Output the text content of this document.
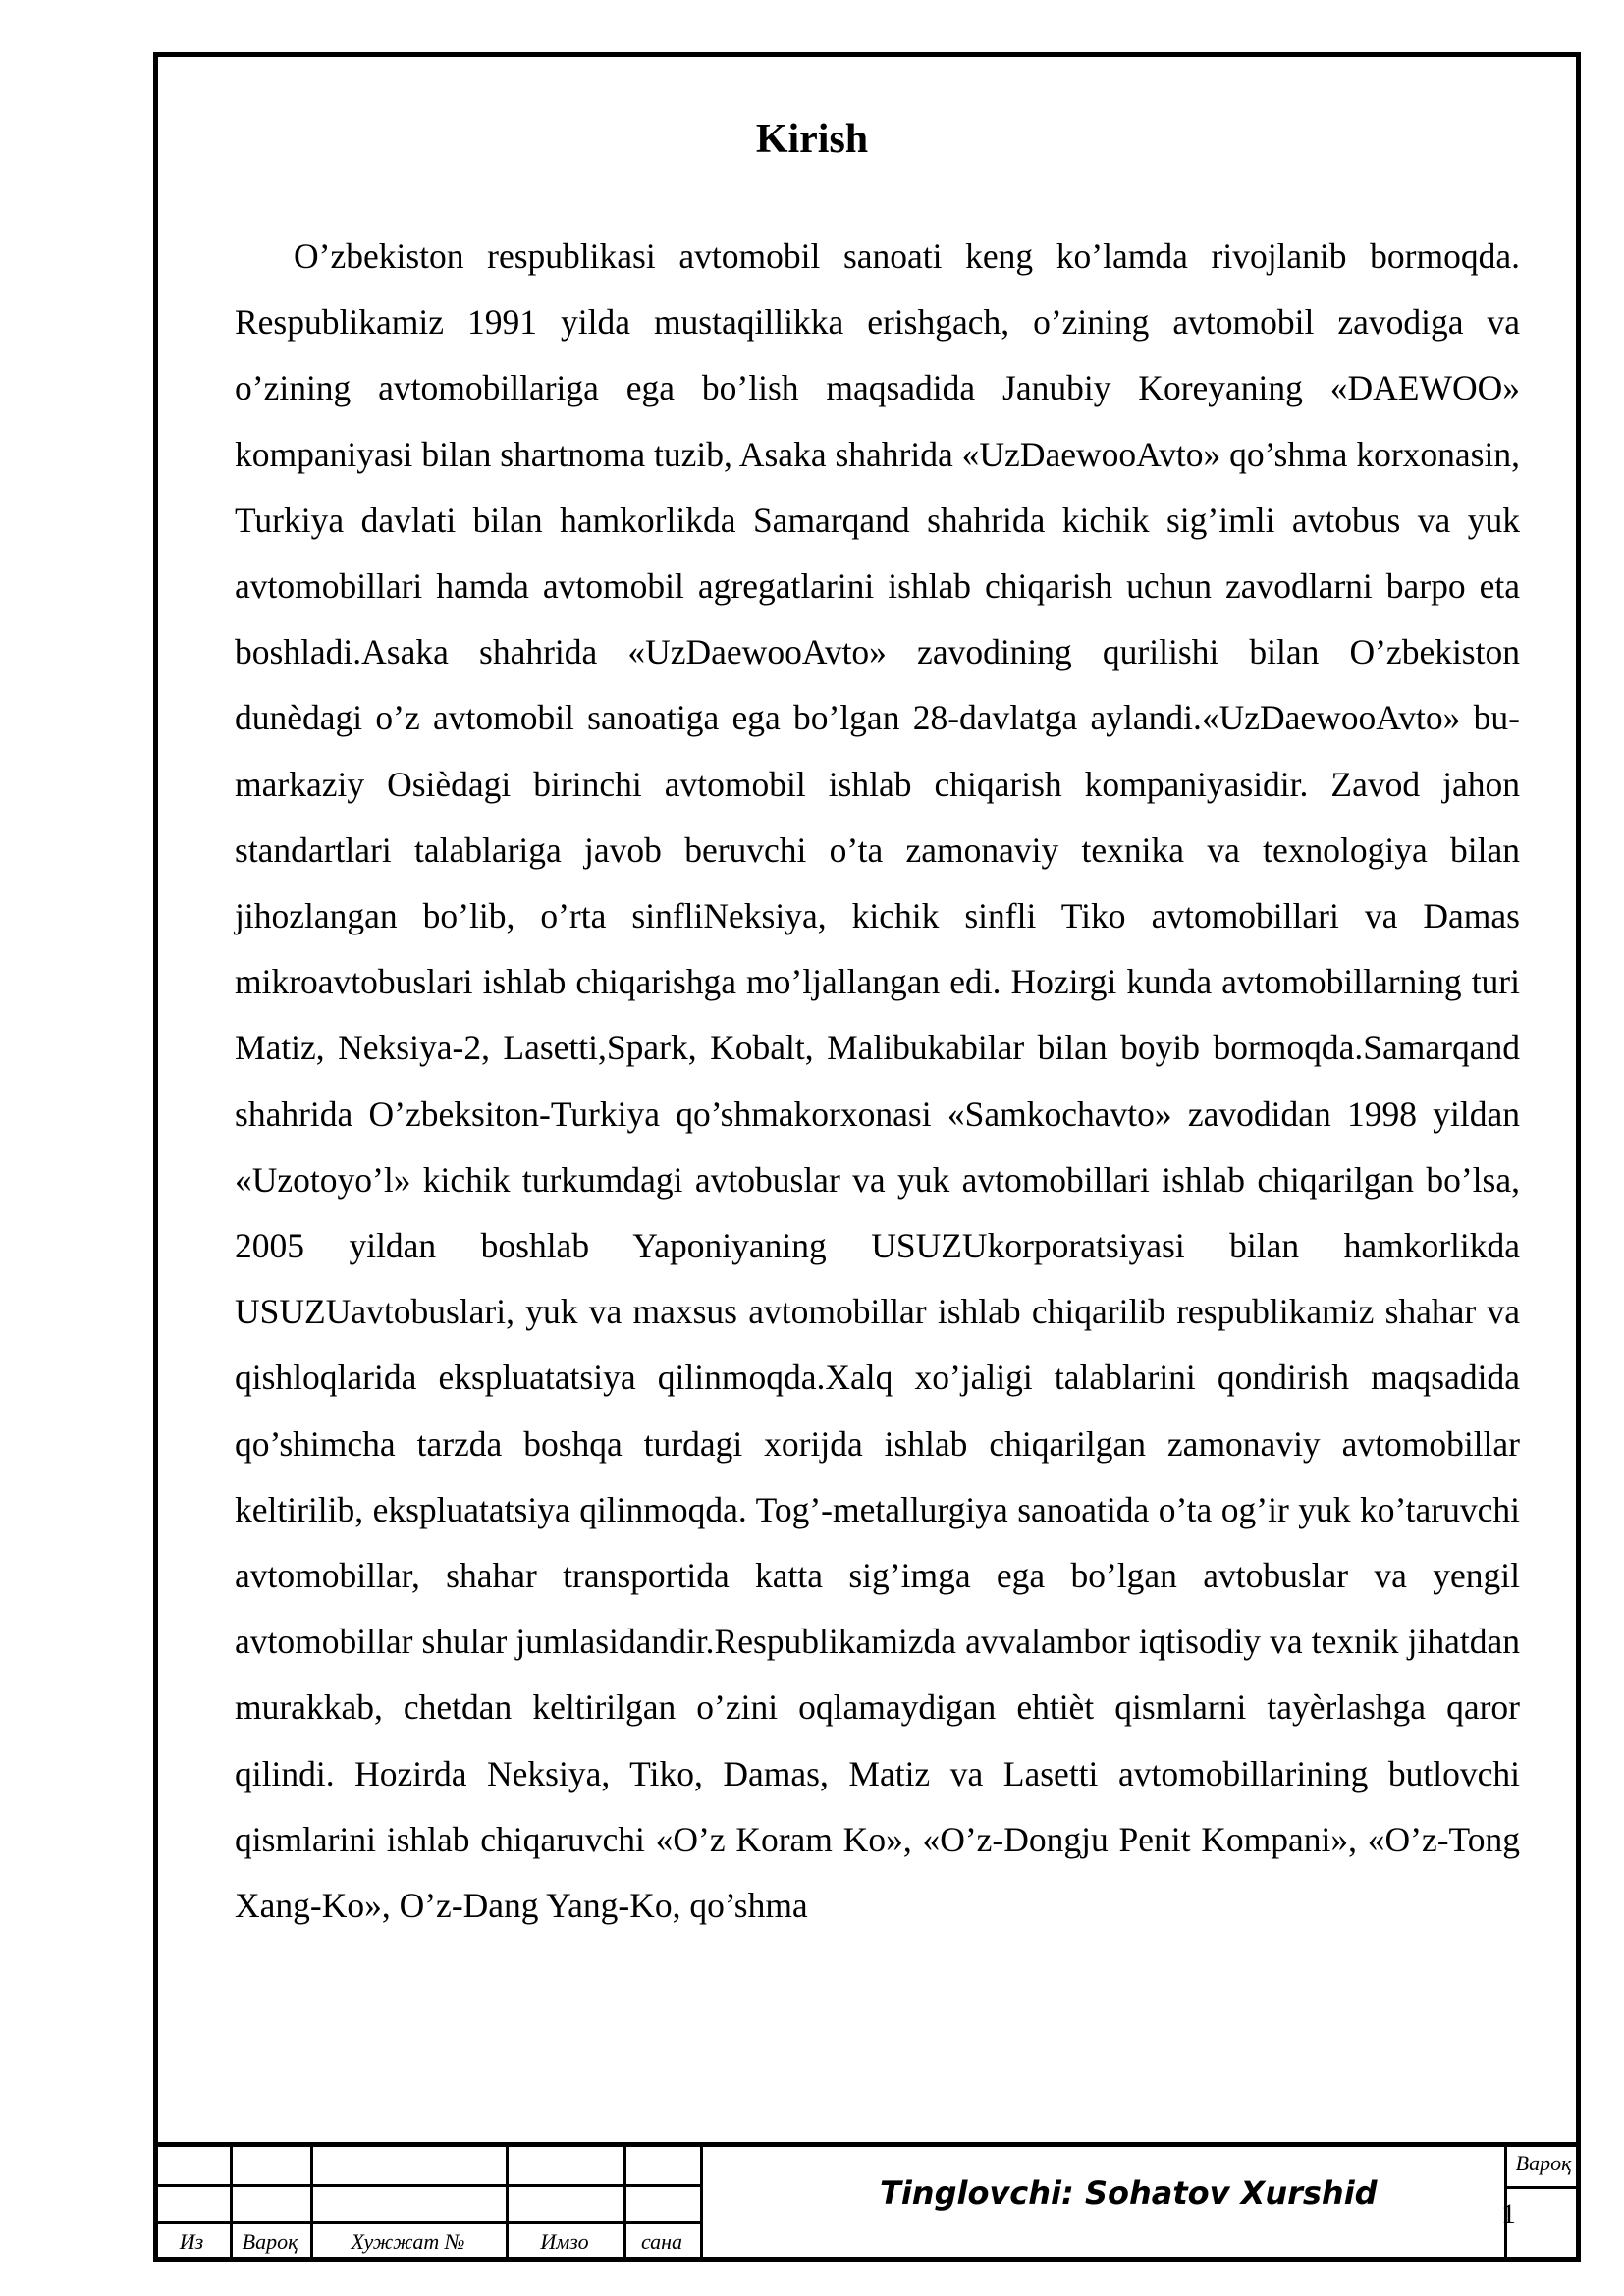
Kirish

O’zbekiston respublikasi avtomobil sanoati keng ko’lamda rivojlanib bormoqda. Respublikamiz 1991 yilda mustaqillikka erishgach, o’zining avtomobil zavodiga va o’zining avtomobillariga ega bo’lish maqsadida Janubiy Koreyaning «DAEWOO» kompaniyasi bilan shartnoma tuzib, Asaka shahrida «UzDaewooAvto» qo’shma korxonasin, Turkiya davlati bilan hamkorlikda Samarqand shahrida kichik sig’imli avtobus va yuk avtomobillari hamda avtomobil agregatlarini ishlab chiqarish uchun zavodlarni barpo eta boshladi.Asaka shahrida «UzDaewooAvto» zavodining qurilishi bilan O’zbekiston dunèdagi o’z avtomobil sanoatiga ega bo’lgan 28-davlatga aylandi.«UzDaewooAvto» bu-markaziy Osièdagi birinchi avtomobil ishlab chiqarish kompaniyasidir. Zavod jahon standartlari talablariga javob beruvchi o’ta zamonaviy texnika va texnologiya bilan jihozlangan bo’lib, o’rta sinfliNeksiya, kichik sinfli Tiko avtomobillari va Damas mikroavtobuslari ishlab chiqarishga mo’ljallangan edi. Hozirgi kunda avtomobillarning turi Matiz, Neksiya-2, Lasetti,Spark, Kobalt, Malibukabilar bilan boyib bormoqda.Samarqand shahrida O’zbeksiton-Turkiya qo’shmakorxonasi «Samkochavto» zavodidan 1998 yildan «Uzotoyo’l» kichik turkumdagi avtobuslar va yuk avtomobillari ishlab chiqarilgan bo’lsa, 2005 yildan boshlab Yaponiyaning USUZUkorporatsiyasi bilan hamkorlikda USUZUavtobuslari, yuk va maxsus avtomobillar ishlab chiqarilib respublikamiz shahar va qishloqlarida ekspluatatsiya qilinmoqda.Xalq xo’jaligi talablarini qondirish maqsadida qo’shimcha tarzda boshqa turdagi xorijda ishlab chiqarilgan zamonaviy avtomobillar keltirilib, ekspluatatsiya qilinmoqda. Tog’-metallurgiya sanoatida o’ta og’ir yuk ko’taruvchi avtomobillar, shahar transportida katta sig’imga ega bo’lgan avtobuslar va yengil avtomobillar shular jumlasidandir.Respublikamizda avvalambor iqtisodiy va texnik jihatdan murakkab, chetdan keltirilgan o’zini oqlamaydigan ehtièt qismlarni tayèrlashga qaror qilindi. Hozirda Neksiya, Tiko, Damas, Matiz va Lasetti avtomobillarining butlovchi qismlarini ishlab chiqaruvchi «O’z Koram Ko», «O’z-Dongju Penit Kompani», «O’z-Tong Xang-Ko», O’z-Dang Yang-Ko, qo’shma

Из	Вароқ	Хужжат №	Имзо	сана
Tinglovchi: Sohatov Xurshid
Вароқ
1
